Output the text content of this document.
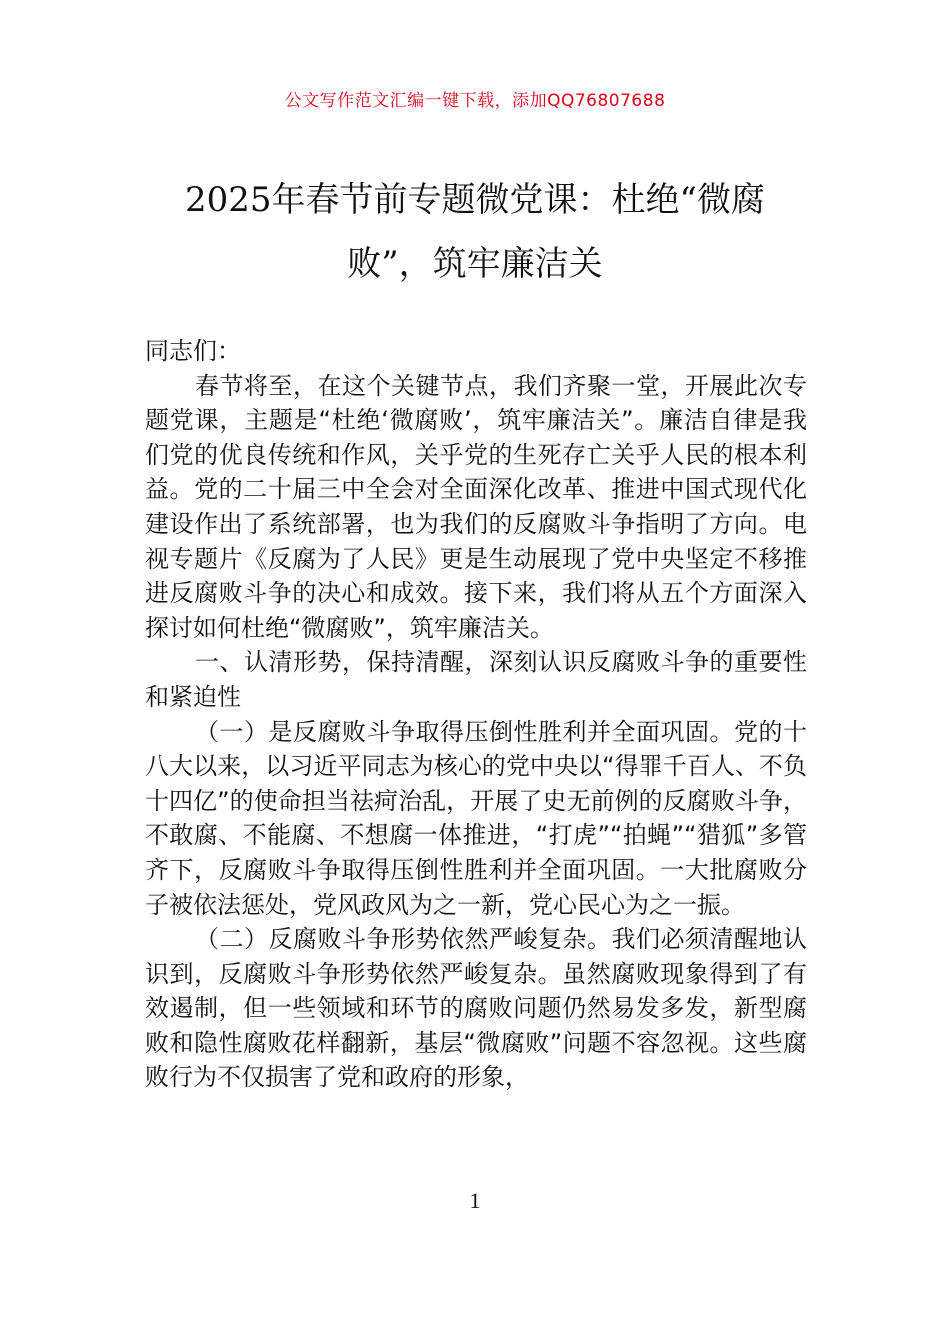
公文写作范文汇编一键下载，添加QQ76807688
2025年春节前专题微党课：杜绝“微腐败”，筑牢廉洁关

同志们：

春节将至，在这个关键节点，我们齐聚一堂，开展此次专题党课，主题是“杜绝‘微腐败’，筑牢廉洁关”。廉洁自律是我们党的优良传统和作风，关乎党的生死存亡关乎人民的根本利益。党的二十届三中全会对全面深化改革、推进中国式现代化建设作出了系统部署，也为我们的反腐败斗争指明了方向。电视专题片《反腐为了人民》更是生动展现了党中央坚定不移推进反腐败斗争的决心和成效。接下来，我们将从五个方面深入探讨如何杜绝“微腐败”，筑牢廉洁关。

一、认清形势，保持清醒，深刻认识反腐败斗争的重要性和紧迫性

（一）是反腐败斗争取得压倒性胜利并全面巩固。党的十八大以来，以习近平同志为核心的党中央以“得罪千百人、不负十四亿”的使命担当祛疴治乱，开展了史无前例的反腐败斗争，不敢腐、不能腐、不想腐一体推进，“打虎”“拍蝇”“猎狐”多管齐下，反腐败斗争取得压倒性胜利并全面巩固。一大批腐败分子被依法惩处，党风政风为之一新，党心民心为之一振。

（二）反腐败斗争形势依然严峻复杂。我们必须清醒地认识到，反腐败斗争形势依然严峻复杂。虽然腐败现象得到了有效遏制，但一些领域和环节的腐败问题仍然易发多发，新型腐败和隐性腐败花样翻新，基层“微腐败”问题不容忽视。这些腐败行为不仅损害了党和政府的形象，

1
